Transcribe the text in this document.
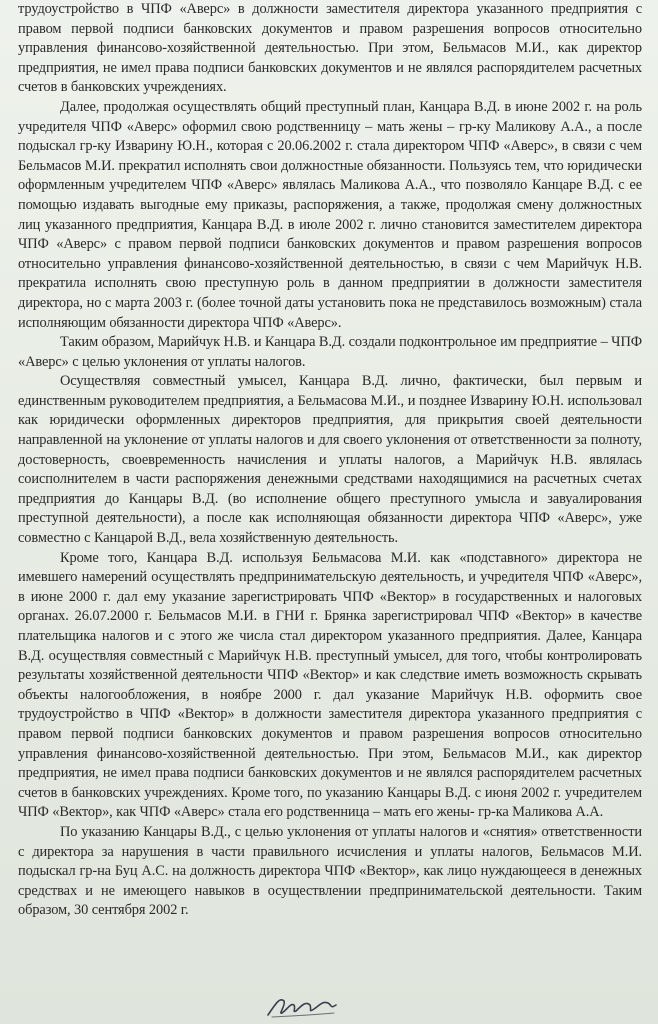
трудоустройство в ЧПФ «Аверс» в должности заместителя директора указанного предприятия с правом первой подписи банковских документов и правом разрешения вопросов относительно управления финансово-хозяйственной деятельностью. При этом, Бельмасов М.И., как директор предприятия, не имел права подписи банковских документов и не являлся распорядителем расчетных счетов в банковских учреждениях.

Далее, продолжая осуществлять общий преступный план, Канцара В.Д. в июне 2002 г. на роль учредителя ЧПФ «Аверс» оформил свою родственницу – мать жены – гр-ку Маликову А.А., а после подыскал гр-ку Изварину Ю.Н., которая с 20.06.2002 г. стала директором ЧПФ «Аверс», в связи с чем Бельмасов М.И. прекратил исполнять свои должностные обязанности. Пользуясь тем, что юридически оформленным учредителем ЧПФ «Аверс» являлась Маликова А.А., что позволяло Канцаре В.Д. с ее помощью издавать выгодные ему приказы, распоряжения, а также, продолжая смену должностных лиц указанного предприятия, Канцара В.Д. в июле 2002 г. лично становится заместителем директора ЧПФ «Аверс» с правом первой подписи банковских документов и правом разрешения вопросов относительно управления финансово-хозяйственной деятельностью, в связи с чем Марийчук Н.В. прекратила исполнять свою преступную роль в данном предприятии в должности заместителя директора, но с марта 2003 г. (более точной даты установить пока не представилось возможным) стала исполняющим обязанности директора ЧПФ «Аверс».

Таким образом, Марийчук Н.В. и Канцара В.Д. создали подконтрольное им предприятие – ЧПФ «Аверс» с целью уклонения от уплаты налогов.

Осуществляя совместный умысел, Канцара В.Д. лично, фактически, был первым и единственным руководителем предприятия, а Бельмасова М.И., и позднее Изварину Ю.Н. использовал как юридически оформленных директоров предприятия, для прикрытия своей деятельности направленной на уклонение от уплаты налогов и для своего уклонения от ответственности за полноту, достоверность, своевременность начисления и уплаты налогов, а Марийчук Н.В. являлась соисполнителем в части распоряжения денежными средствами находящимися на расчетных счетах предприятия до Канцары В.Д. (во исполнение общего преступного умысла и завуалирования преступной деятельности), а после как исполняющая обязанности директора ЧПФ «Аверс», уже совместно с Канцарой В.Д., вела хозяйственную деятельность.

Кроме того, Канцара В.Д. используя Бельмасова М.И. как «подставного» директора не имевшего намерений осуществлять предпринимательскую деятельность, и учредителя ЧПФ «Аверс», в июне 2000 г. дал ему указание зарегистрировать ЧПФ «Вектор» в государственных и налоговых органах. 26.07.2000 г. Бельмасов М.И. в ГНИ г. Брянка зарегистрировал ЧПФ «Вектор» в качестве плательщика налогов и с этого же числа стал директором указанного предприятия. Далее, Канцара В.Д. осуществляя совместный с Марийчук Н.В. преступный умысел, для того, чтобы контролировать результаты хозяйственной деятельности ЧПФ «Вектор» и как следствие иметь возможность скрывать объекты налогообложения, в ноябре 2000 г. дал указание Марийчук Н.В. оформить свое трудоустройство в ЧПФ «Вектор» в должности заместителя директора указанного предприятия с правом первой подписи банковских документов и правом разрешения вопросов относительно управления финансово-хозяйственной деятельностью. При этом, Бельмасов М.И., как директор предприятия, не имел права подписи банковских документов и не являлся распорядителем расчетных счетов в банковских учреждениях. Кроме того, по указанию Канцары В.Д. с июня 2002 г. учредителем ЧПФ «Вектор», как ЧПФ «Аверс» стала его родственница – мать его жены- гр-ка Маликова А.А.

По указанию Канцары В.Д., с целью уклонения от уплаты налогов и «снятия» ответственности с директора за нарушения в части правильного исчисления и уплаты налогов, Бельмасов М.И. подыскал гр-на Буц А.С. на должность директора ЧПФ «Вектор», как лицо нуждающееся в денежных средствах и не имеющего навыков в осуществлении предпринимательской деятельности. Таким образом, 30 сентября 2002 г.
